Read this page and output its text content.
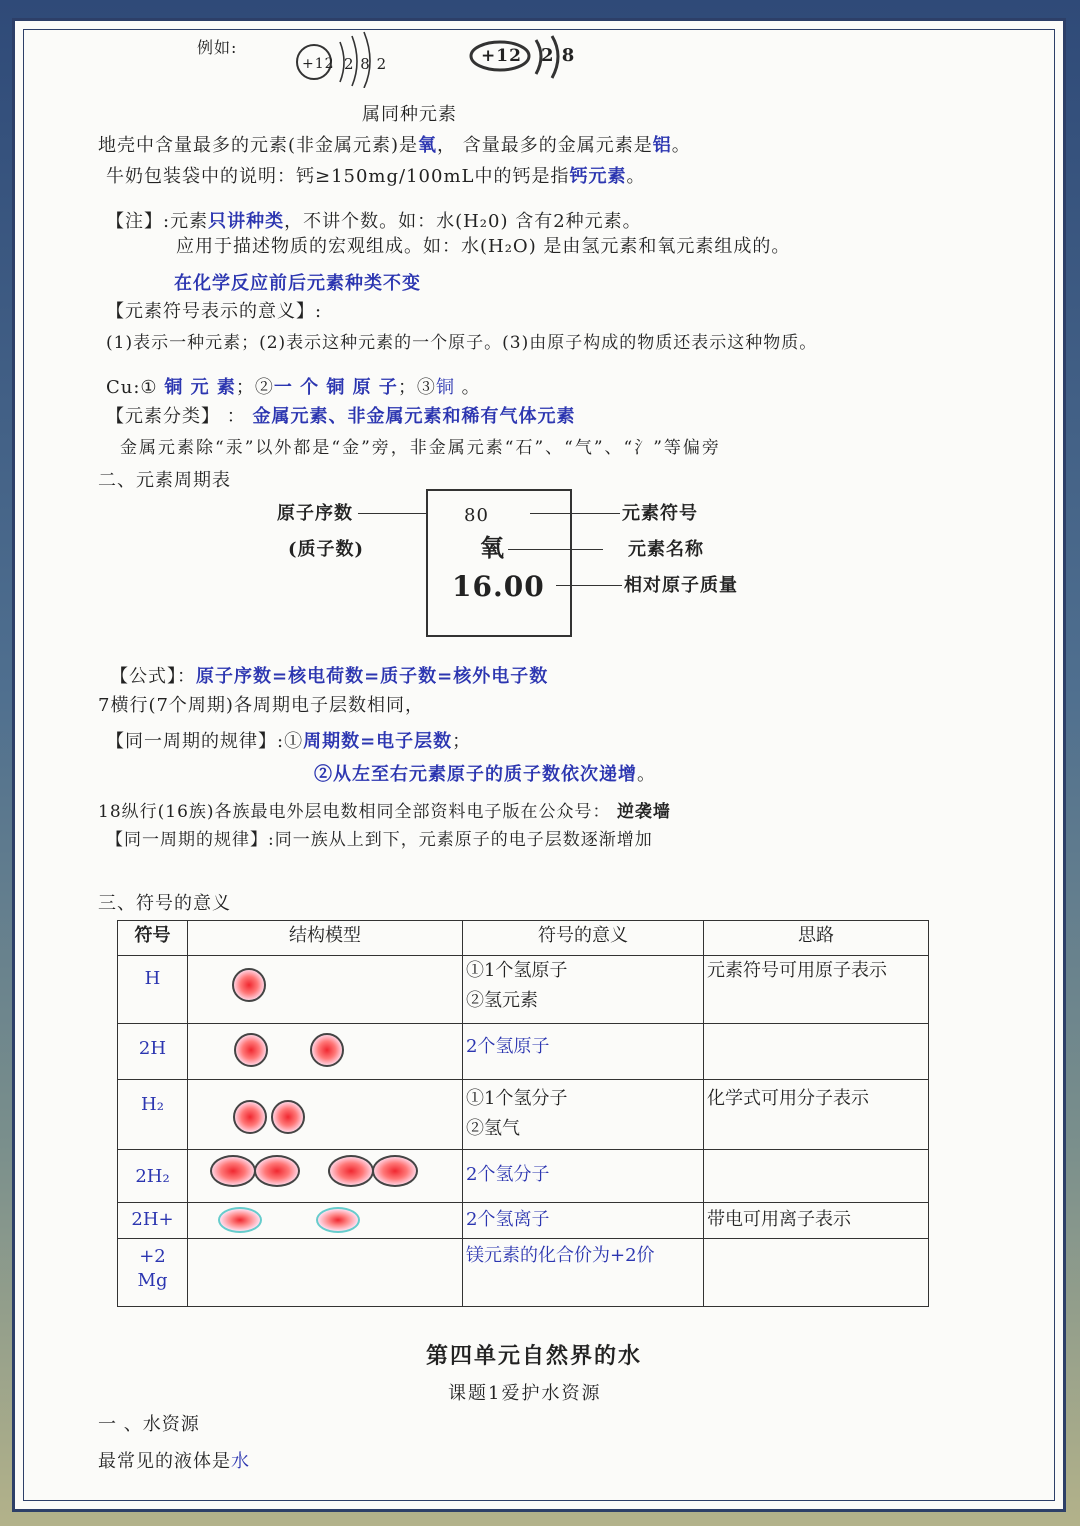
例如:
+12 2 8 2	+12 2 8
属同种元素
地壳中含量最多的元素(非金属元素)是氧， 含量最多的金属元素是铝。
牛奶包装袋中的说明：钙≥150mg/100mL中的钙是指钙元素。
【注】:元素只讲种类，不讲个数。如：水(H₂0) 含有2种元素。
应用于描述物质的宏观组成。如：水(H₂O) 是由氢元素和氧元素组成的。
在化学反应前后元素种类不变
【元素符号表示的意义】:
(1)表示一种元素；(2)表示这种元素的一个原子。(3)由原子构成的物质还表示这种物质。
Cu:① 铜 元 素；②一 个 铜 原 子；③铜 。
【元素分类】 ： 金属元素、非金属元素和稀有气体元素
金属元素除“汞”以外都是“金”旁，非金属元素“石”、“气”、“氵”等偏旁
二、元素周期表
原子序数
(质子数)
80
氧
16.00
元素符号
元素名称
相对原子质量
【公式】：原子序数=核电荷数=质子数=核外电子数
7横行(7个周期)各周期电子层数相同，
【同一周期的规律】:①周期数=电子层数；
②从左至右元素原子的质子数依次递增。
18纵行(16族)各族最电外层电数相同全部资料电子版在公众号： 逆袭墙
【同一周期的规律】:同一族从上到下，元素原子的电子层数逐渐增加
三、符号的意义
符号	结构模型	符号的意义	思路
H		①1个氢原子
②氢元素	元素符号可用原子表示
2H		2个氢原子	
H₂		①1个氢分子
②氢气	化学式可用分子表示
2H₂		2个氢分子	
2H+		2个氢离子	带电可用离子表示

+2
Mg		镁元素的化合价为+2价	
第四单元自然界的水
课题1爱护水资源
一 、水资源
最常见的液体是水
